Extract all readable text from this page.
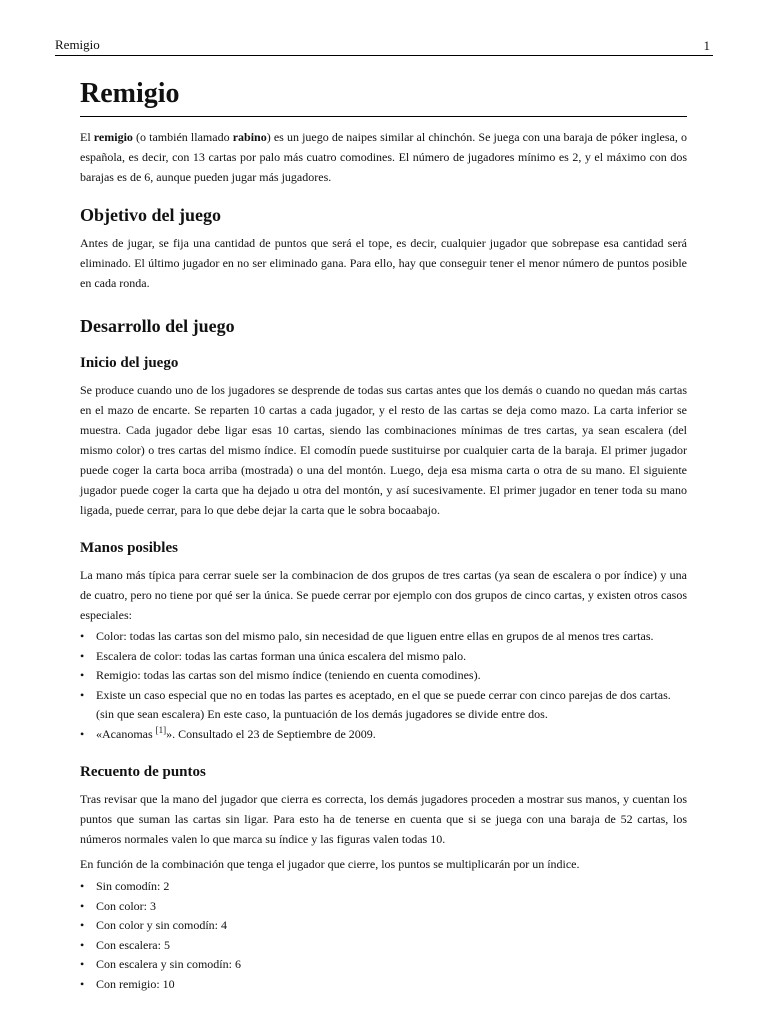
Remigio	1
Remigio

El remigio (o también llamado rabino) es un juego de naipes similar al chinchón. Se juega con una baraja de póker inglesa, o española, es decir, con 13 cartas por palo más cuatro comodines. El número de jugadores mínimo es 2, y el máximo con dos barajas es de 6, aunque pueden jugar más jugadores.

Objetivo del juego

Antes de jugar, se fija una cantidad de puntos que será el tope, es decir, cualquier jugador que sobrepase esa cantidad será eliminado. El último jugador en no ser eliminado gana. Para ello, hay que conseguir tener el menor número de puntos posible en cada ronda.

Desarrollo del juego
Inicio del juego

Se produce cuando uno de los jugadores se desprende de todas sus cartas antes que los demás o cuando no quedan más cartas en el mazo de encarte. Se reparten 10 cartas a cada jugador, y el resto de las cartas se deja como mazo. La carta inferior se muestra. Cada jugador debe ligar esas 10 cartas, siendo las combinaciones mínimas de tres cartas, ya sean escalera (del mismo color) o tres cartas del mismo índice. El comodín puede sustituirse por cualquier carta de la baraja. El primer jugador puede coger la carta boca arriba (mostrada) o una del montón. Luego, deja esa misma carta o otra de su mano. El siguiente jugador puede coger la carta que ha dejado u otra del montón, y así sucesivamente. El primer jugador en tener toda su mano ligada, puede cerrar, para lo que debe dejar la carta que le sobra bocaabajo.

Manos posibles

La mano más típica para cerrar suele ser la combinacion de dos grupos de tres cartas (ya sean de escalera o por índice) y una de cuatro, pero no tiene por qué ser la única. Se puede cerrar por ejemplo con dos grupos de cinco cartas, y existen otros casos especiales:

• Color: todas las cartas son del mismo palo, sin necesidad de que liguen entre ellas en grupos de al menos tres cartas.
• Escalera de color: todas las cartas forman una única escalera del mismo palo.
• Remigio: todas las cartas son del mismo índice (teniendo en cuenta comodines).
• Existe un caso especial que no en todas las partes es aceptado, en el que se puede cerrar con cinco parejas de dos cartas. (sin que sean escalera) En este caso, la puntuación de los demás jugadores se divide entre dos.
• «Acanomas [1]». Consultado el 23 de Septiembre de 2009.
Recuento de puntos

Tras revisar que la mano del jugador que cierra es correcta, los demás jugadores proceden a mostrar sus manos, y cuentan los puntos que suman las cartas sin ligar. Para esto ha de tenerse en cuenta que si se juega con una baraja de 52 cartas, los números normales valen lo que marca su índice y las figuras valen todas 10.

En función de la combinación que tenga el jugador que cierre, los puntos se multiplicarán por un índice.

• Sin comodín: 2
• Con color: 3
• Con color y sin comodín: 4
• Con escalera: 5
• Con escalera y sin comodín: 6
• Con remigio: 10
